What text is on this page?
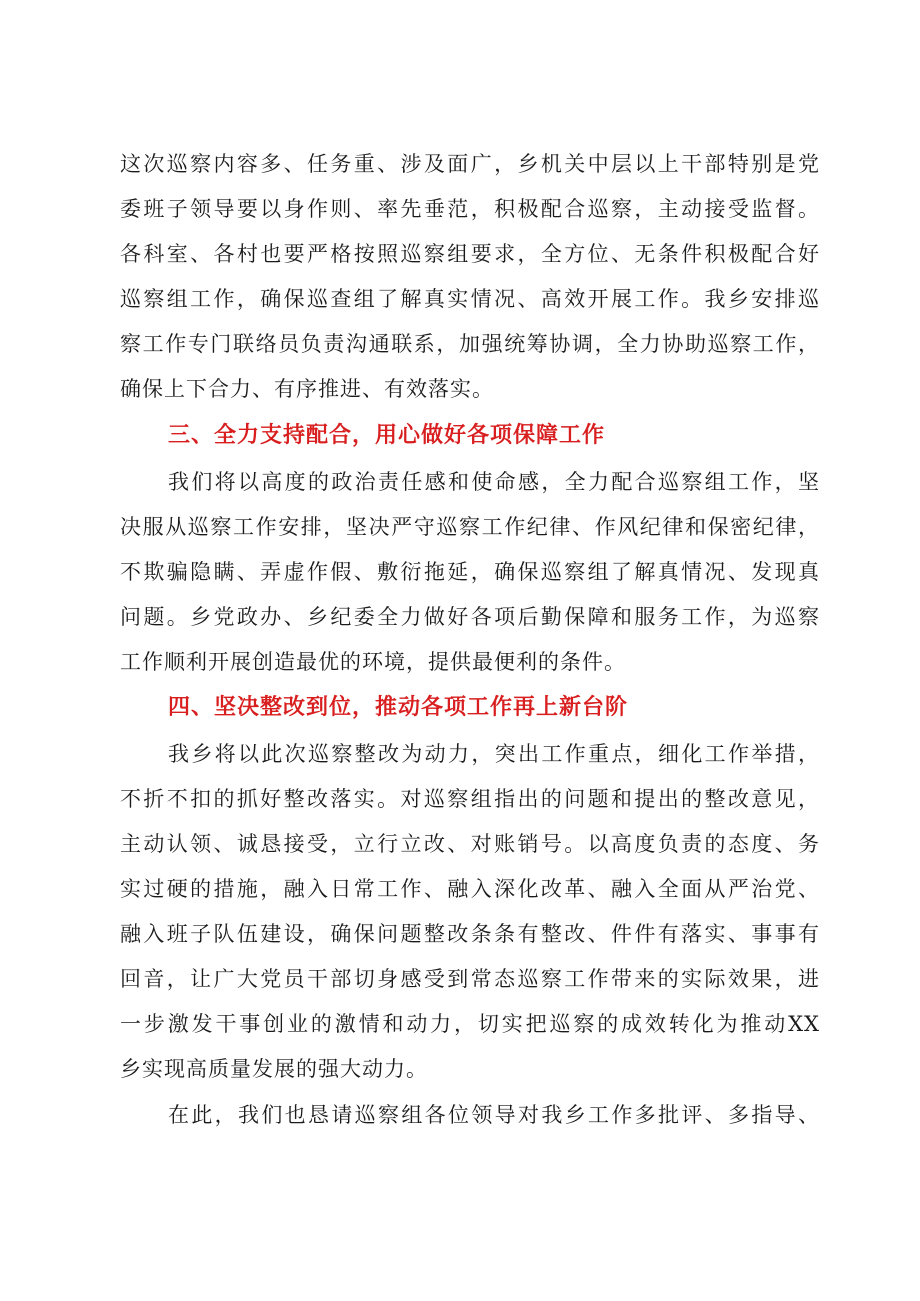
这次巡察内容多、任务重、涉及面广，乡机关中层以上干部特别是党
委班子领导要以身作则、率先垂范，积极配合巡察，主动接受监督。
各科室、各村也要严格按照巡察组要求，全方位、无条件积极配合好
巡察组工作，确保巡查组了解真实情况、高效开展工作。我乡安排巡
察工作专门联络员负责沟通联系，加强统筹协调，全力协助巡察工作，
确保上下合力、有序推进、有效落实。
三、全力支持配合，用心做好各项保障工作
我们将以高度的政治责任感和使命感，全力配合巡察组工作，坚
决服从巡察工作安排，坚决严守巡察工作纪律、作风纪律和保密纪律，
不欺骗隐瞒、弄虚作假、敷衍拖延，确保巡察组了解真情况、发现真
问题。乡党政办、乡纪委全力做好各项后勤保障和服务工作，为巡察
工作顺利开展创造最优的环境，提供最便利的条件。
四、坚决整改到位，推动各项工作再上新台阶
我乡将以此次巡察整改为动力，突出工作重点，细化工作举措，
不折不扣的抓好整改落实。对巡察组指出的问题和提出的整改意见，
主动认领、诚恳接受，立行立改、对账销号。以高度负责的态度、务
实过硬的措施，融入日常工作、融入深化改革、融入全面从严治党、
融入班子队伍建设，确保问题整改条条有整改、件件有落实、事事有
回音，让广大党员干部切身感受到常态巡察工作带来的实际效果，进
一步激发干事创业的激情和动力，切实把巡察的成效转化为推动XX
乡实现高质量发展的强大动力。
在此，我们也恳请巡察组各位领导对我乡工作多批评、多指导、
